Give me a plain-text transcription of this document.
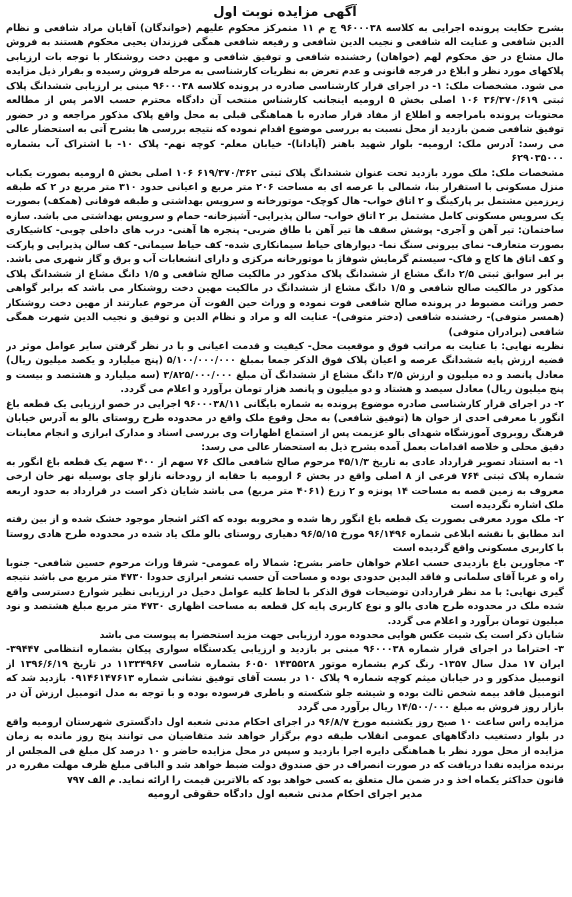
آگهی مزایده نوبت اول

بشرح حکایت پرونده اجرایی به کلاسه ۹۶۰۰۰۳۸ ج م ۱۱ متمرکز محکوم علیهم (خواندگان) آقایان مراد شافعی و نظام الدین شافعی و عنایت اله شافعی و نجیب الدین شافعی و رفیعه شافعی همگی فرزندان یحیی محکوم هستند به فروش مال مشاع در حق محکوم لهم (خواهان) رخشنده شافعی و توفیق شافعی و مهین دخت روشنکار با توجه بات ارزیابی پلاکهای مورد نظر و ابلاغ در فرجه قانونی و عدم تعرض به نظریات کارشناسی به مرحله فروش رسیده و بقرار ذیل مزایده می شود. مشخصات ملک: ۱- در اجرای قرار کارشناسی صادره در پرونده کلاسه ۹۶۰۰۰۳۸ مبنی بر ارزیابی ششدانگ پلاک ثبتی ۳۶/۳۷۰/۶۱۹ ۱۰۶ اصلی بخش ۵ ارومیه اینجانب کارشناس منتخب آن دادگاه محترم حسب الامر پس از مطالعه محتویات پرونده بامراجعه و اطلاع از مفاد قرار صادره با هماهنگی قبلی به محل واقع پلاک مذکور مراجعه و در حضور توفیق شافعی ضمن بازدید از محل نسبت به بررسی موضوع اقدام نموده که نتیجه بررسی ها بشرح آتی به استحضار عالی می رسد: آدرس ملک: ارومیه- بلوار شهید باهنر (آپادانا)- خیابان معلم- کوچه نهم- پلاک ۱۰- با اشتراک آب بشماره ۶۲۹۰۳۵۰۰۰

مشخصات ملک: ملک مورد بازدید تحت عنوان ششدانگ پلاک ثبتی ۶۱۹/۳۷۰/۳۶۲ ۱۰۶ اصلی بخش ۵ ارومیه بصورت یکباب منزل مسکونی با استقرار بنا، شمالی با عرصه ای به مساحت ۲۰۶ متر مربع و اعیانی حدود ۳۱۰ متر مربع در ۲ که طبقه زیرزمین مشتمل بر پارکینگ و ۲ اتاق خواب- هال کوچک- موتورخانه و سرویس بهداشتی و طبقه فوقانی (همکف) بصورت یک سرویس مسکونی کامل مشتمل بر ۲ اتاق خواب- سالن پذیرایی- آشپزخانه- حمام و سرویس بهداشتی می باشد. سازه ساختمان: تیر آهن و آجری- پوشش سقف ها تیر آهن با طاق ضربی- پنجره ها آهنی- درب های داخلی چوبی- کاشیکاری بصورت متعارف- نمای بیرونی سنگ نما- دیوارهای حیاط سیمانکاری شده- کف حیاط سیمانی- کف سالن پذیرایی و پارکت و کف اتاق ها کاج و فاک- سیستم گرمایش شوفاژ با موتورخانه مرکزی و دارای انشعابات آب و برق و گاز شهری می باشد. بر ابر سوابق ثبتی ۲/۵ دانگ مشاع از ششدانگ پلاک مذکور در مالکیت صالح شافعی و ۱/۵ دانگ مشاع از ششدانگ پلاک مذکور در مالکیت صالح شافعی و ۱/۵ دانگ مشاع از ششدانگ در مالکیت مهین دخت روشنکار می باشد که برابر گواهی حصر وراثت مضبوط در پرونده صالح شافعی فوت نموده و وراث حین الفوت آن مرحوم عبارتند از مهین دخت روشنکار (همسر متوفی)- رخشنده شافعی (دختر متوفی)- عنایت اله و مراد و نظام الدین و توفیق و نجیب الدین شهرت همگی شافعی (برادران متوفی)

نظریه نهایی: با عنایت به مراتب فوق و موقعیت محل- کیفیت و قدمت اعیانی و با در نظر گرفتن سایر عوامل موثر در قضیه ارزش پایه ششدانگ عرصه و اعیان پلاک فوق الذکر جمعا بمبلغ ۵/۱۰۰/۰۰۰/۰۰۰ (پنج میلیارد و یکصد میلیون ریال) معادل پانصد و ده میلیون و ارزش ۳/۵ دانگ مشاع از ششدانگ آن مبلغ ۳/۸۲۵/۰۰۰/۰۰۰ (سه میلیارد و هشتصد و بیست و پنج میلیون ریال) معادل سیصد و هشتاد و دو میلیون و پانصد هزار تومان برآورد و اعلام می گردد.

۲- در اجرای قرار کارشناسی صادره موضوع پرونده به شماره بایگانی ۹۶۰۰۰۳۸/۱۱ اجرایی در خصو ارزیابی یک قطعه باغ انگور با معرفی احدی از خوان ها (توفیق شافعی) به محل وقوع ملک واقع در محدوده طرح روستای بالو به آدرس خیابان فرهنگ روبروی آموزشگاه شهدای بالو عزیمت پس از استماع اظهارات وی بررسی اسناد و مدارک ابرازی و انجام معاینات دقیق محلی و خلاصه اقدامات بعمل آمده بشرح ذیل به استحضار عالی می رسد:

۱- به استناد تصویر قرارداد عادی به تاریخ ۴۵/۱/۳ مرحوم صالح شافعی مالک ۷۶ سهم از ۴۰۰ سهم یک قطعه باغ انگور به شماره پلاک ثبتی ۷۶۴ فرعی از ۸ اصلی واقع در بخش ۶ ارومیه با حقابه از رودخانه نازلو چای بوسیله نهر خان ارخی معروف به زمین قصه به مساحت ۱۴ پونزه و ۲ زرع (۴۰۶۱ متر مربع) می باشد شایان ذکر است در قرارداد به حدود اربعه ملک اشاره نگردیده است

۲- ملک مورد معرفی بصورت یک قطعه باغ انگور رها شده و مخروبه بوده که اکثر اشجار موجود خشک شده و از بین رفته اند مطابق با نقشه ابلاغی شماره ۹۶/۱۴۹۶ مورخ ۹۶/۵/۱۵ دهیاری روستای بالو ملک یاد شده در محدوده طرح هادی روستا با کاربری مسکونی واقع گردیده است

۳- مجاورین باغ بازدیدی حسب اعلام خواهان حاضر بشرح: شمالا راه عمومی- شرقا وراث مرحوم حسین شافعی- جنوبا راه و غربا آقای سلمانی و فاقد البدین حدودی بوده و مساحت آن حسب تشعر ابرازی حدودا ۴۷۳۰ متر مربع می باشد نتیجه گیری نهایی: با مد نظر قراردادن توضیحات فوق الذکر با لحاظ کلیه عوامل دخیل در ارزیابی نظیر شوارع دسترسی واقع شده ملک در محدوده طرح هادی بالو و نوع کاربری پایه کل قطعه به مساحت اظهاری ۴۷۳۰ متر مربع مبلغ هشتصد و نود میلیون تومان برآورد و اعلام می گردد.

شایان ذکر است یک شیت عکس هوایی محدوده مورد ارزیابی جهت مزید استحضرا به پیوست می باشد

۳- احتراما در اجرای قرار شماره ۹۶۰۰۰۳۸ مبنی بر بازدید و ارزیابی یکدستگاه سواری پیکان بشماره انتظامی ۳۹۴۴۷- ایران ۱۷ مدل سال ۱۳۵۷- رنگ کرم بشماره موتور ۱۴۳۵۵۲۸ ۶۰۵۰ بشماره شاسی ۱۱۳۳۴۹۶۷ در تاریخ ۱۳۹۶/۶/۱۹ از اتومبیل مذکور و در خیابان میثم کوچه شماره ۹ پلاک ۱۰ در بست آقای توفیق نشانی شماره ۰۹۱۴۶۱۴۷۶۱۳ بازدید شد که اتومبیل فاقد بیمه شخص ثالث بوده و شیشه جلو شکسته و باطری فرسوده بوده و با توجه به مدل اتومبیل ارزش آن در بازار روز فروش به مبلغ ۱۴/۵۰۰/۰۰۰ ریال برآورد می گردد

مزایده راس ساعت ۱۰ صبح روز یکشنبه مورخ ۹۶/۸/۷ در اجرای احکام مدنی شعبه اول دادگستری شهرستان ارومیه واقع در بلوار دستغیب دادگاههای عمومی انقلاب طبقه دوم برگزار خواهد شد متقاضیان می توانند پنج روز مانده به زمان مزایده از محل مورد نظر با هماهنگی دایره اجرا بازدید و سپس در محل مزایده حاضر و ۱۰ درصد کل مبلغ فی المجلس از برنده مزایده نقدا دریافت که در صورت انصراف در حق صندوق دولت ضبط خواهد شد و الباقی مبلغ ظرف مهلت مقرره در قانون حداکثر یکماه اخذ و در ضمن مال متعلق به کسی خواهد بود که بالاترین قیمت را ارائه نماید. م الف ۷۹۷

مدیر اجرای احکام مدنی شعبه اول دادگاه حقوقی ارومیه
